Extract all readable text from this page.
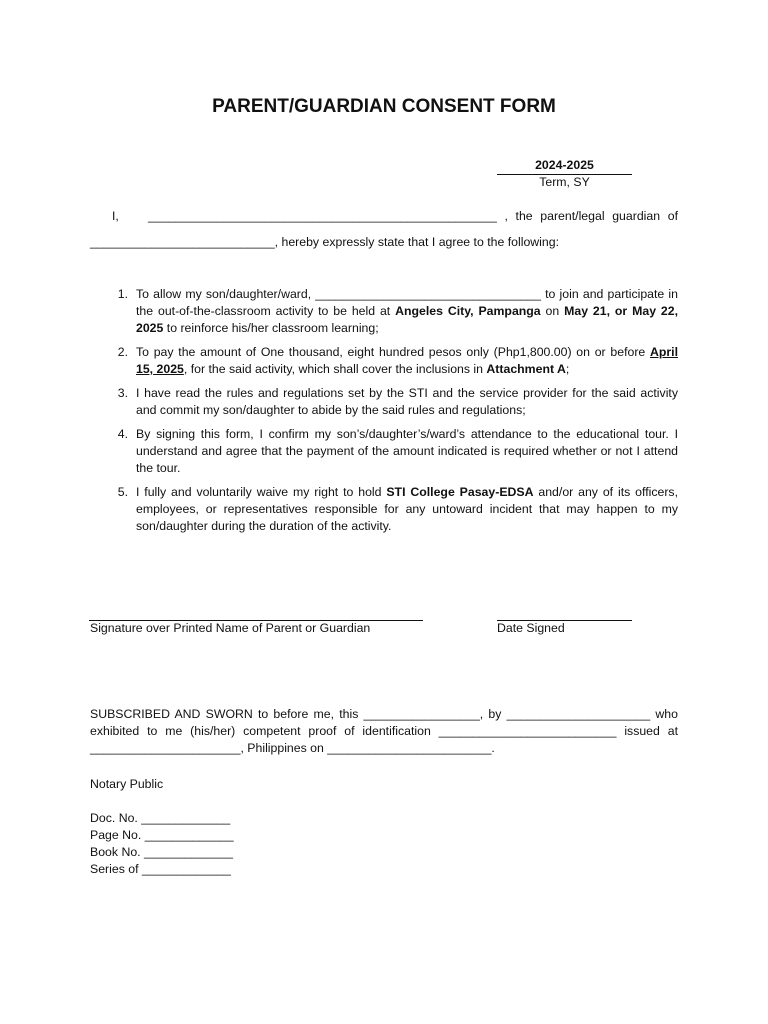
PARENT/GUARDIAN CONSENT FORM
2024-2025
Term, SY
I,	___________________________________________________ , the parent/legal guardian of
___________________________, hereby expressly state that I agree to the following:
1. To allow my son/daughter/ward, _________________________________ to join and participate in the out-of-the-classroom activity to be held at Angeles City, Pampanga on May 21, or May 22, 2025 to reinforce his/her classroom learning;
2. To pay the amount of One thousand, eight hundred pesos only (Php1,800.00) on or before April 15, 2025, for the said activity, which shall cover the inclusions in Attachment A;
3. I have read the rules and regulations set by the STI and the service provider for the said activity and commit my son/daughter to abide by the said rules and regulations;
4. By signing this form, I confirm my son’s/daughter’s/ward’s attendance to the educational tour. I understand and agree that the payment of the amount indicated is required whether or not I attend the tour.
5. I fully and voluntarily waive my right to hold STI College Pasay-EDSA and/or any of its officers, employees, or representatives responsible for any untoward incident that may happen to my son/daughter during the duration of the activity.
Signature over Printed Name of Parent or Guardian	Date Signed
SUBSCRIBED AND SWORN to before me, this _________________, by _____________________ who exhibited to me (his/her) competent proof of identification __________________________ issued at ______________________, Philippines on ________________________.
Notary Public
Doc. No. _____________
Page No. _____________
Book No. _____________
Series of _____________
